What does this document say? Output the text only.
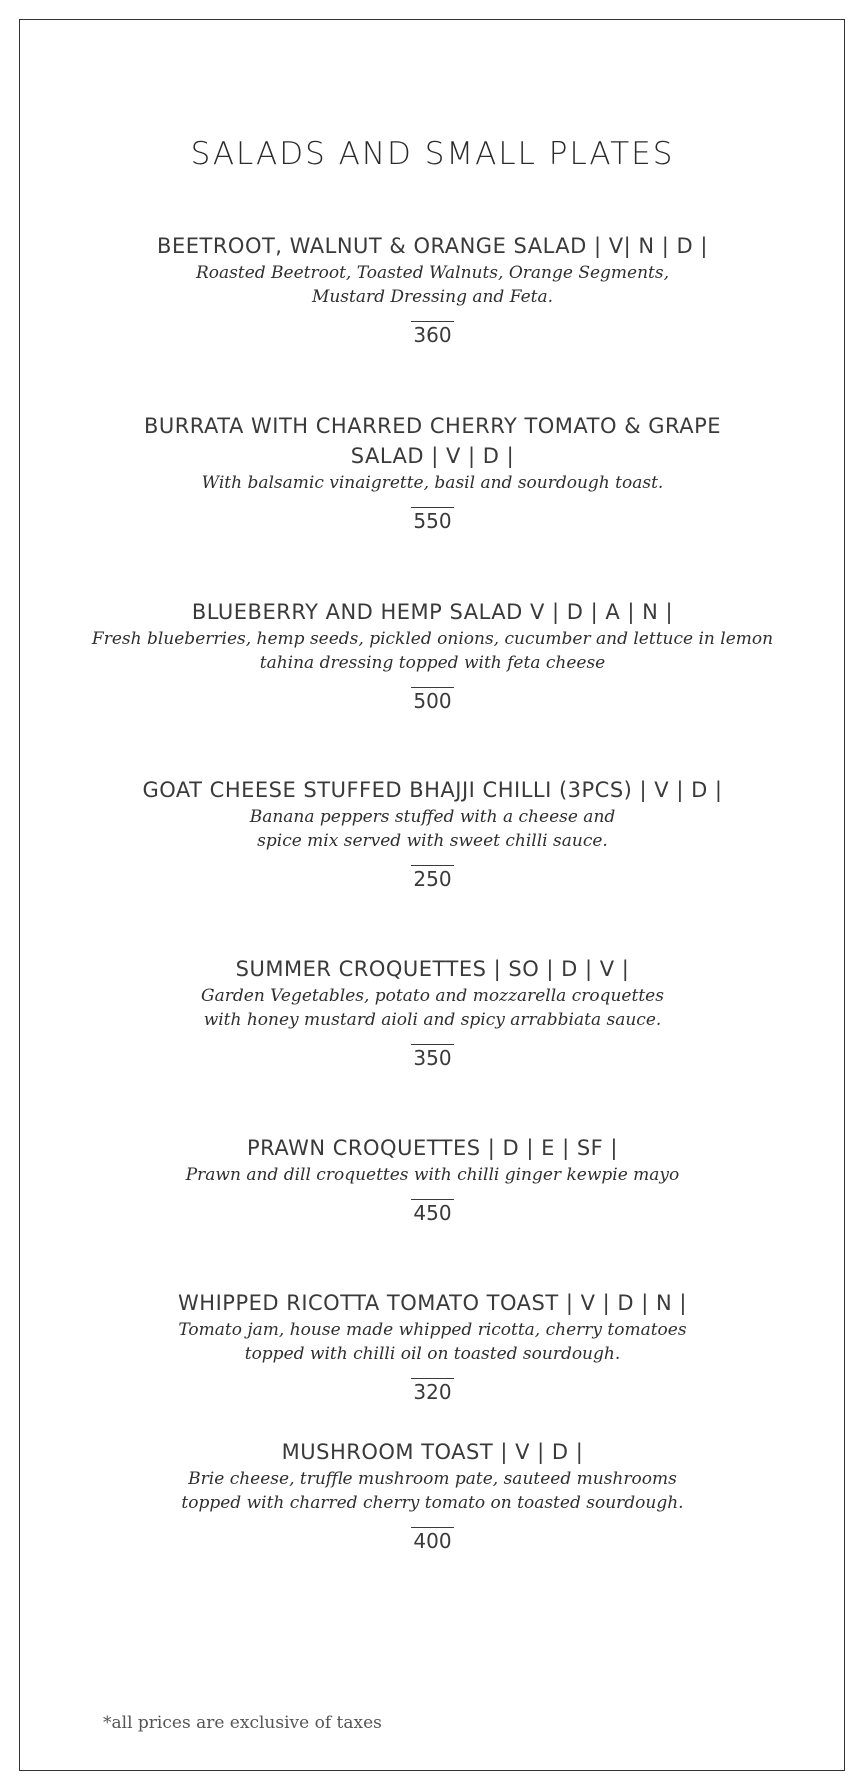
SALADS AND SMALL PLATES
BEETROOT, WALNUT & ORANGE SALAD | V| N | D |
Roasted Beetroot, Toasted Walnuts, Orange Segments,
Mustard Dressing and Feta.
360
BURRATA WITH CHARRED CHERRY TOMATO & GRAPE SALAD | V | D |
With balsamic vinaigrette, basil and sourdough toast.
550
BLUEBERRY AND HEMP SALAD V | D | A | N |
Fresh blueberries, hemp seeds, pickled onions, cucumber and lettuce in lemon
tahina dressing topped with feta cheese
500
GOAT CHEESE STUFFED BHAJJI CHILLI (3PCS) | V | D |
Banana peppers stuffed with a cheese and
spice mix served with sweet chilli sauce.
250
SUMMER CROQUETTES | SO | D | V |
Garden Vegetables, potato and mozzarella croquettes
with honey mustard aioli and spicy arrabbiata sauce.
350
PRAWN CROQUETTES | D | E | SF |
Prawn and dill croquettes with chilli ginger kewpie mayo
450
WHIPPED RICOTTA TOMATO TOAST | V | D | N |
Tomato jam, house made whipped ricotta, cherry tomatoes
topped with chilli oil on toasted sourdough.
320
MUSHROOM TOAST | V | D |
Brie cheese, truffle mushroom pate, sauteed mushrooms
topped with charred cherry tomato on toasted sourdough.
400
*all prices are exclusive of taxes
